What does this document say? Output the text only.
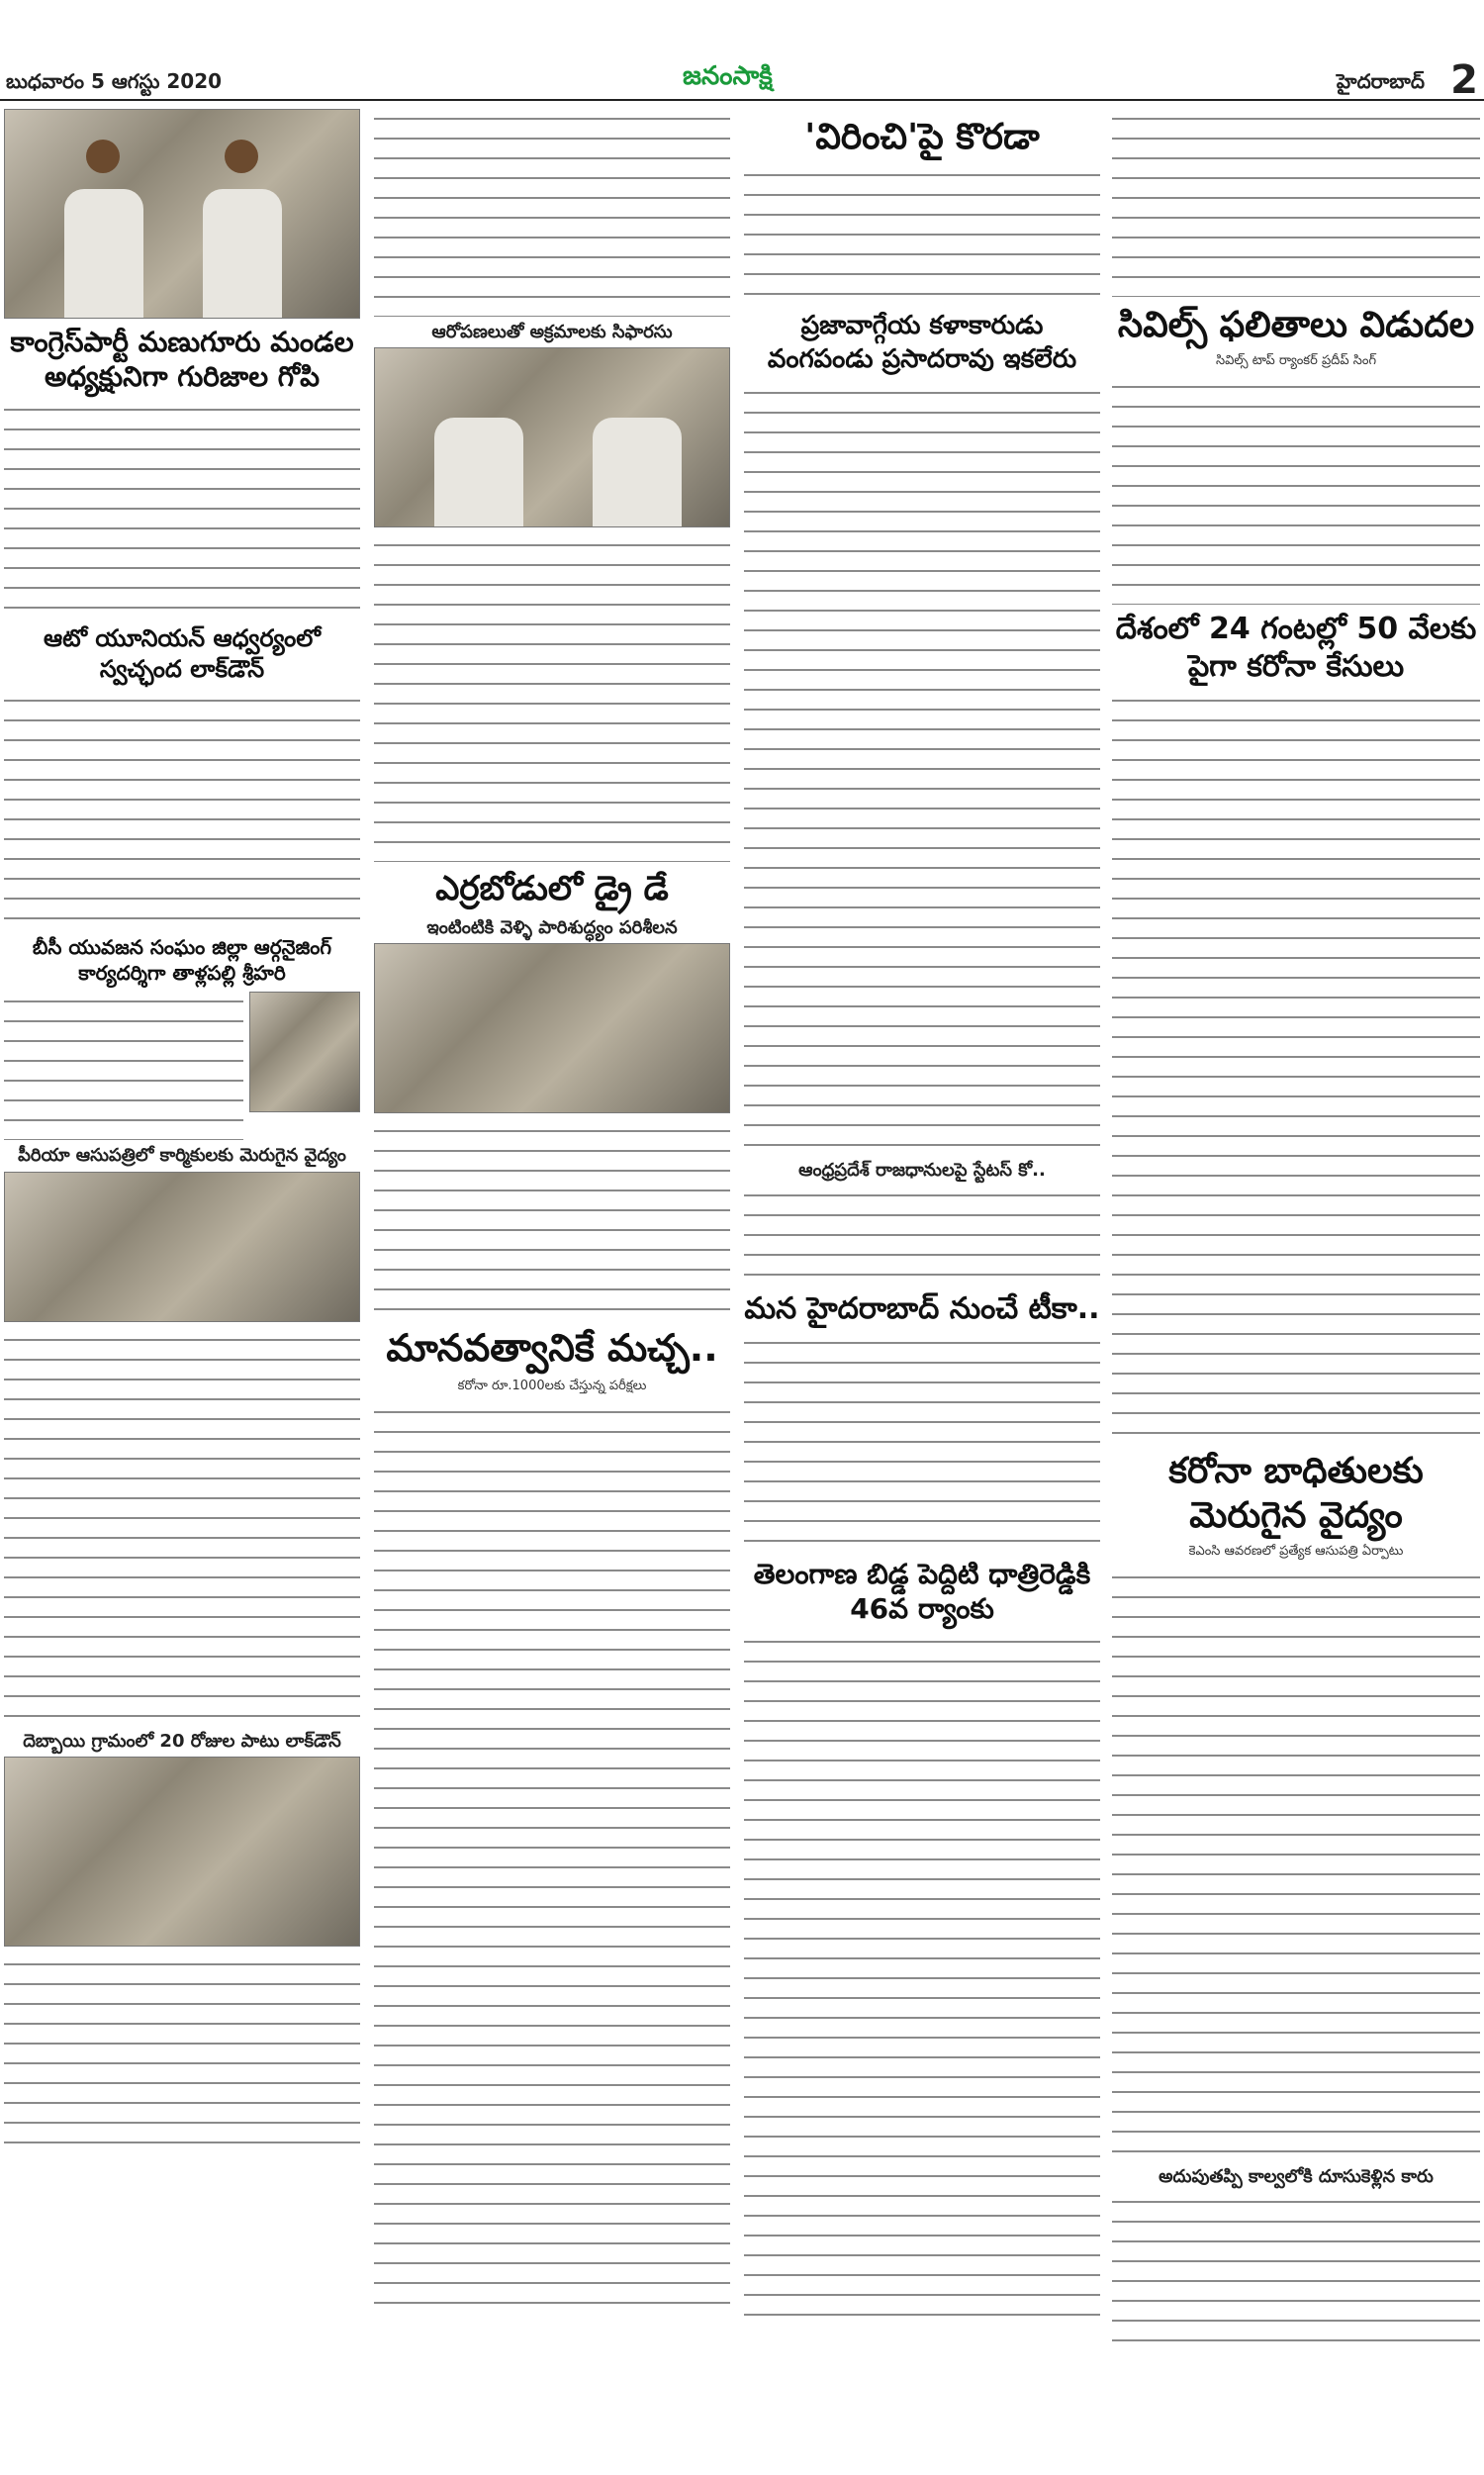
బుధవారం 5 ఆగస్టు 2020	జనంసాక్షి	హైదరాబాద్ 2
కాంగ్రెస్‌పార్టీ మణుగూరు మండల అధ్యక్షునిగా గురిజాల గోపి
ఆటో యూనియన్ ఆధ్వర్యంలో స్వచ్ఛంద లాక్‌డౌన్
బీసీ యువజన సంఘం జిల్లా ఆర్గనైజింగ్ కార్యదర్శిగా తాళ్లపల్లి శ్రీహరి
పీరియా ఆసుపత్రిలో కార్మికులకు మెరుగైన వైద్యం
దెబ్బాయి గ్రామంలో 20 రోజుల పాటు లాక్‌డౌన్
ఆరోపణలుతో అక్రమాలకు సిఫారసు
ఎర్రబోడులో డ్రై డే
ఇంటింటికి వెళ్ళి పారిశుద్ధ్యం పరిశీలన
మానవత్వానికే మచ్చ..
కరోనా రూ.1000లకు చేస్తున్న పరీక్షలు
'విరించి'పై కొరడా
ప్రజావాగ్గేయ కళాకారుడు వంగపండు ప్రసాదరావు ఇకలేరు
ఆంధ్రప్రదేశ్ రాజధానులపై స్టేటస్ కో..
మన హైదరాబాద్ నుంచే టీకా..
తెలంగాణ బిడ్డ పెద్దిటి ధాత్రిరెడ్డికి 46వ ర్యాంకు
సివిల్స్ ఫలితాలు విడుదల
సివిల్స్ టాప్ ర్యాంకర్ ప్రదీప్ సింగ్
దేశంలో 24 గంటల్లో 50 వేలకు పైగా కరోనా కేసులు
కరోనా బాధితులకు మెరుగైన వైద్యం
కెఎంసి ఆవరణలో ప్రత్యేక ఆసుపత్రి ఏర్పాటు
అదుపుతప్పి కాల్వలోకి దూసుకెళ్లిన కారు
